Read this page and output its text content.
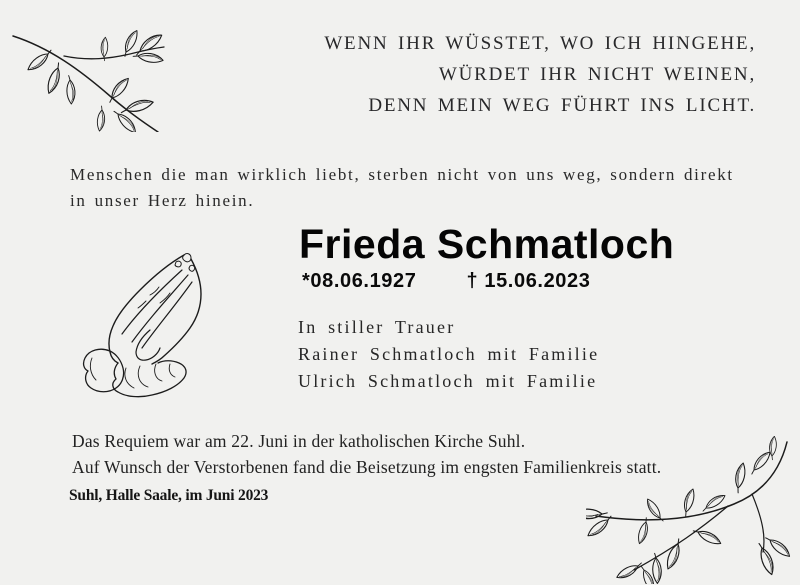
WENN IHR WÜSSTET, WO ICH HINGEHE,
WÜRDET IHR NICHT WEINEN,
DENN MEIN WEG FÜHRT INS LICHT.
Menschen die man wirklich liebt, sterben nicht von uns weg, sondern direkt
in unser Herz hinein.
Frieda Schmatloch
*08.06.1927	† 15.06.2023
In stiller Trauer
Rainer Schmatloch mit Familie
Ulrich Schmatloch mit Familie
Das Requiem war am 22. Juni in der katholischen Kirche Suhl.
Auf Wunsch der Verstorbenen fand die Beisetzung im engsten Familienkreis statt.
Suhl, Halle Saale, im Juni 2023
